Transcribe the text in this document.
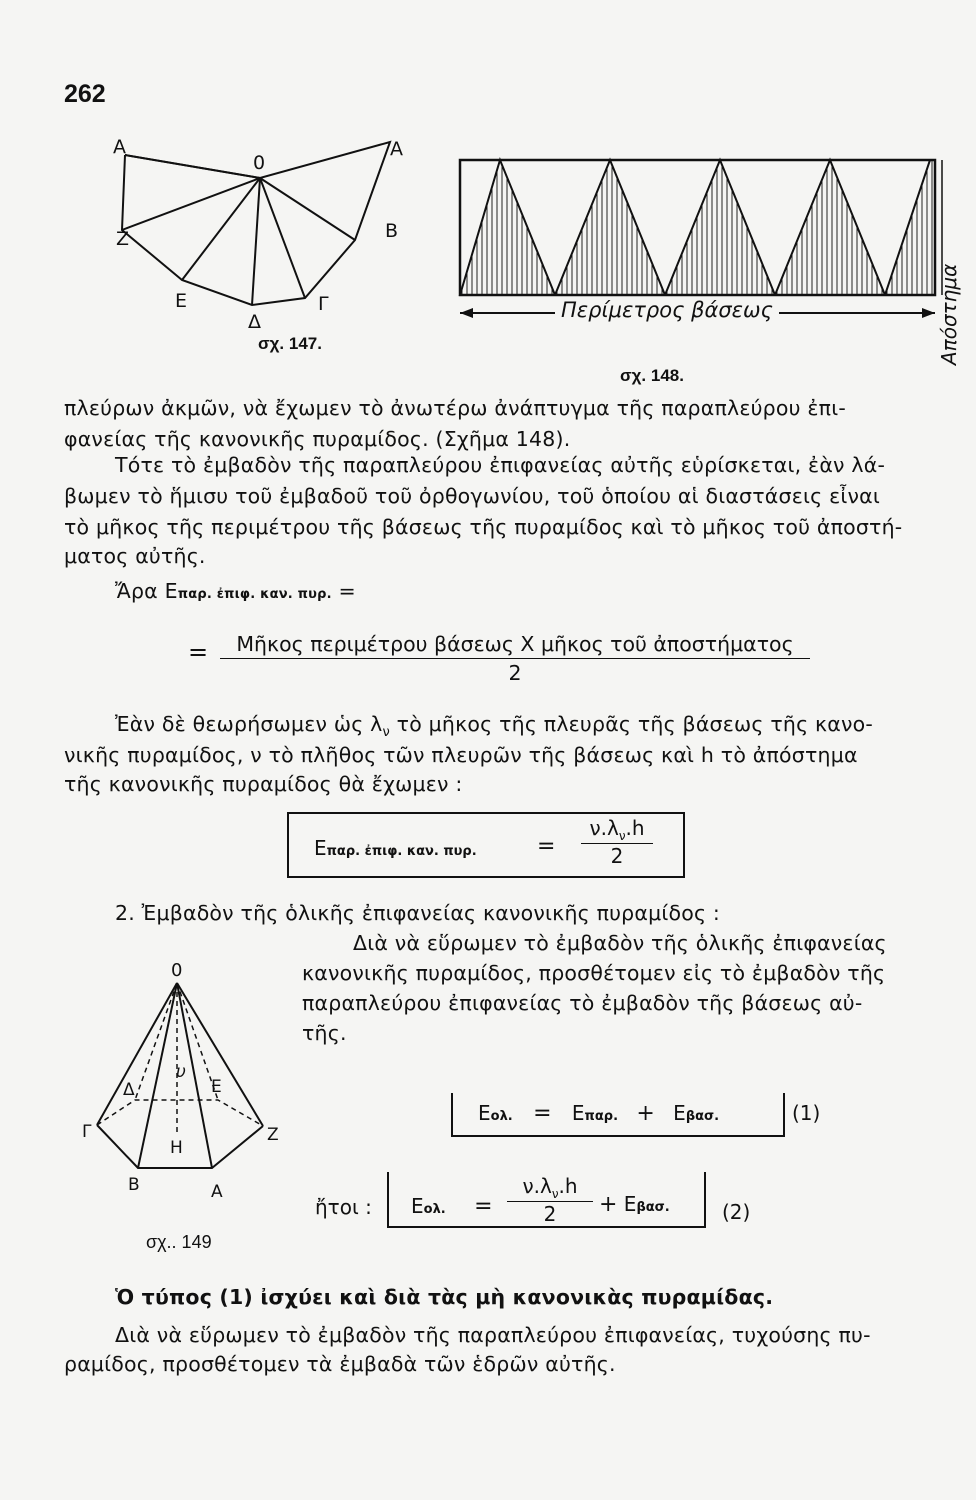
262
Α
0
Α
Ζ	Β
Ε	Γ
Δ
σχ. 147.
Περίμετρος βάσεως	Απόστημα
σχ. 148.
πλεύρων ἀκμῶν, νὰ ἔχωμεν τὸ ἀνωτέρω ἀνάπτυγμα τῆς παραπλεύρου ἐπι-
φανείας τῆς κανονικῆς πυραμίδος. (Σχῆμα 148).
Τότε τὸ ἐμβαδὸν τῆς παραπλεύρου ἐπιφανείας αὐτῆς εὑρίσκεται, ἐὰν λά-
βωμεν τὸ ἥμισυ τοῦ ἐμβαδοῦ τοῦ ὀρθογωνίου, τοῦ ὁποίου αἱ διαστάσεις εἶναι
τὸ μῆκος τῆς περιμέτρου τῆς βάσεως τῆς πυραμίδος καὶ τὸ μῆκος τοῦ ἀποστή-
ματος αὐτῆς.
Ἄρα Επαρ. ἐπιφ. καν. πυρ. =
=	Μῆκος περιμέτρου βάσεως X μῆκος τοῦ ἀποστήματος
2
Ἐὰν δὲ θεωρήσωμεν ὡς $\lambda_\nu$ τὸ μῆκος τῆς πλευρᾶς τῆς βάσεως τῆς κανο-
νικῆς πυραμίδος, ν τὸ πλῆθος τῶν πλευρῶν τῆς βάσεως καὶ h τὸ ἀπόστημα
τῆς κανονικῆς πυραμίδος θὰ ἔχωμεν :
Επαρ. ἐπιφ. καν. πυρ.	=
$\nu.\lambda_\nu.h$
2
2. Ἐμβαδὸν τῆς ὁλικῆς ἐπιφανείας κανονικῆς πυραμίδος :
Διὰ νὰ εὕρωμεν τὸ ἐμβαδὸν τῆς ὁλικῆς ἐπιφανείας
κανονικῆς πυραμίδος, προσθέτομεν εἰς τὸ ἐμβαδὸν τῆς
παραπλεύρου ἐπιφανείας τὸ ἐμβαδὸν τῆς βάσεως αὐ-
τῆς.
0
Δ
υ
Ε
Γ
Η
Ζ
Β	Α
σχ.. 149
Εολ. = Επαρ. + Εβασ.	(1)
ἤτοι : Εολ. =
$\nu.\lambda_\nu.h$
2	+ Εβασ.	(2)
Ὁ τύπος (1) ἰσχύει καὶ διὰ τὰς μὴ κανονικὰς πυραμίδας.
Διὰ νὰ εὕρωμεν τὸ ἐμβαδὸν τῆς παραπλεύρου ἐπιφανείας, τυχούσης πυ-
ραμίδος, προσθέτομεν τὰ ἐμβαδὰ τῶν ἑδρῶν αὐτῆς.
